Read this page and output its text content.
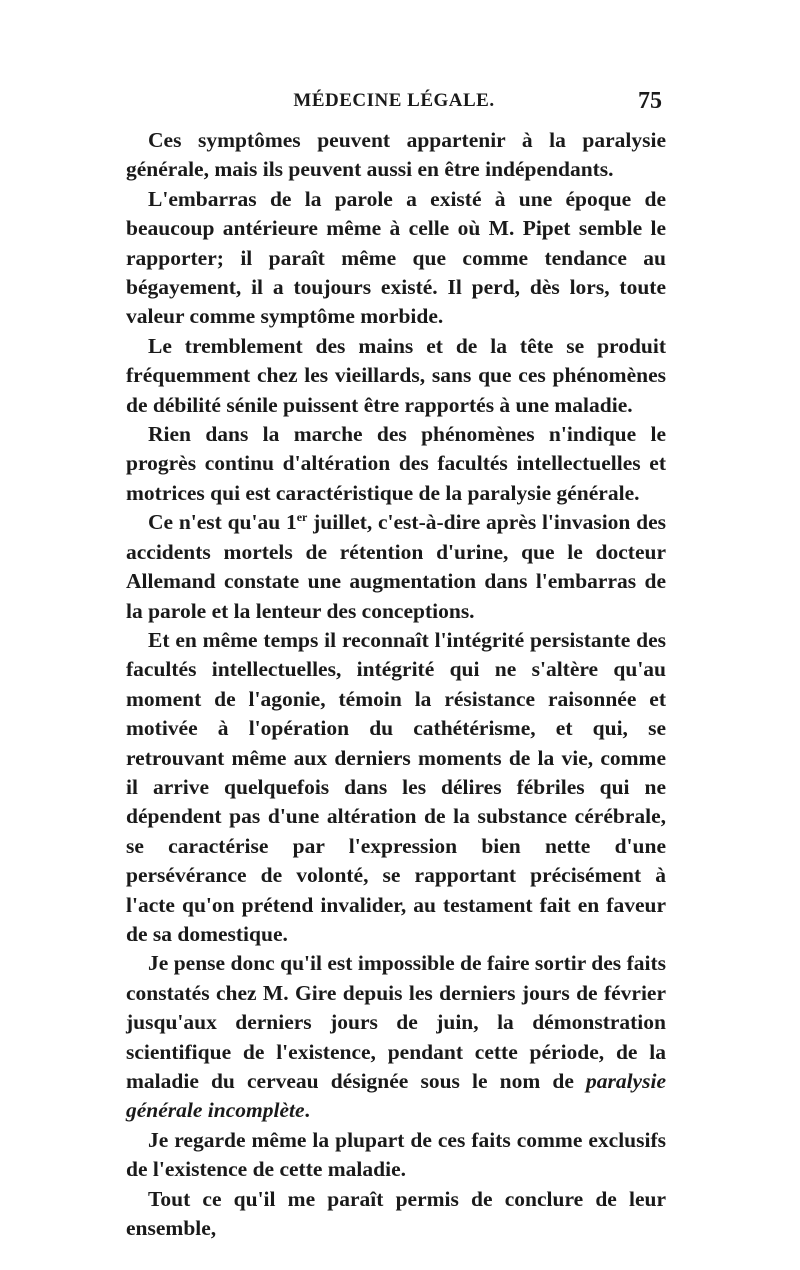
MÉDECINE LÉGALE.	75

Ces symptômes peuvent appartenir à la paralysie générale, mais ils peuvent aussi en être indépendants.

L'embarras de la parole a existé à une époque de beaucoup antérieure même à celle où M. Pipet semble le rapporter; il paraît même que comme tendance au bégayement, il a toujours existé. Il perd, dès lors, toute valeur comme symptôme morbide.

Le tremblement des mains et de la tête se produit fréquemment chez les vieillards, sans que ces phénomènes de débilité sénile puissent être rapportés à une maladie.

Rien dans la marche des phénomènes n'indique le progrès continu d'altération des facultés intellectuelles et motrices qui est caractéristique de la paralysie générale.

Ce n'est qu'au 1er juillet, c'est-à-dire après l'invasion des accidents mortels de rétention d'urine, que le docteur Allemand constate une augmentation dans l'embarras de la parole et la lenteur des conceptions.

Et en même temps il reconnaît l'intégrité persistante des facultés intellectuelles, intégrité qui ne s'altère qu'au moment de l'agonie, témoin la résistance raisonnée et motivée à l'opération du cathétérisme, et qui, se retrouvant même aux derniers moments de la vie, comme il arrive quelquefois dans les délires fébriles qui ne dépendent pas d'une altération de la substance cérébrale, se caractérise par l'expression bien nette d'une persévérance de volonté, se rapportant précisément à l'acte qu'on prétend invalider, au testament fait en faveur de sa domestique.

Je pense donc qu'il est impossible de faire sortir des faits constatés chez M. Gire depuis les derniers jours de février jusqu'aux derniers jours de juin, la démonstration scientifique de l'existence, pendant cette période, de la maladie du cerveau désignée sous le nom de paralysie générale incomplète.

Je regarde même la plupart de ces faits comme exclusifs de l'existence de cette maladie.

Tout ce qu'il me paraît permis de conclure de leur ensemble,
